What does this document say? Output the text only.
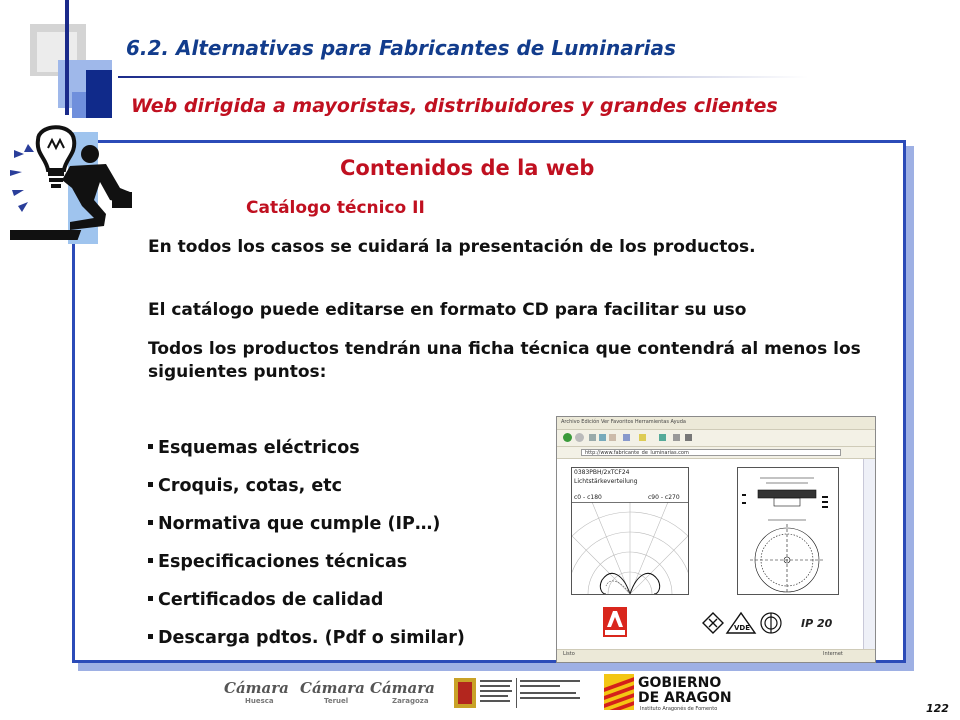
6.2. Alternativas para Fabricantes de Luminarias
Web dirigida a mayoristas, distribuidores y grandes clientes
Contenidos de la web
Catálogo técnico II
En todos los casos se cuidará la presentación de los productos.
El catálogo puede editarse en formato CD para facilitar su uso
Todos los productos tendrán una ficha técnica que contendrá al menos los siguientes puntos:
Esquemas eléctricos
Croquis, cotas, etc
Normativa que cumple (IP…)
Especificaciones técnicas
Certificados de calidad
Descarga pdtos. (Pdf o similar)
Archivo Edición Ver Favoritos Herramientas Ayuda
http://www.fabricante_de_luminarias.com
0383PBH/2xTCF24
Lichtstärkeverteilung
c0 - c180	c90 - c270
VDE	IP 20
Listo	Internet
Cámara
Huesca
Cámara
Teruel
Cámara
Zaragoza
GOBIERNO
DE ARAGON
Instituto Aragonés de Fomento	122
